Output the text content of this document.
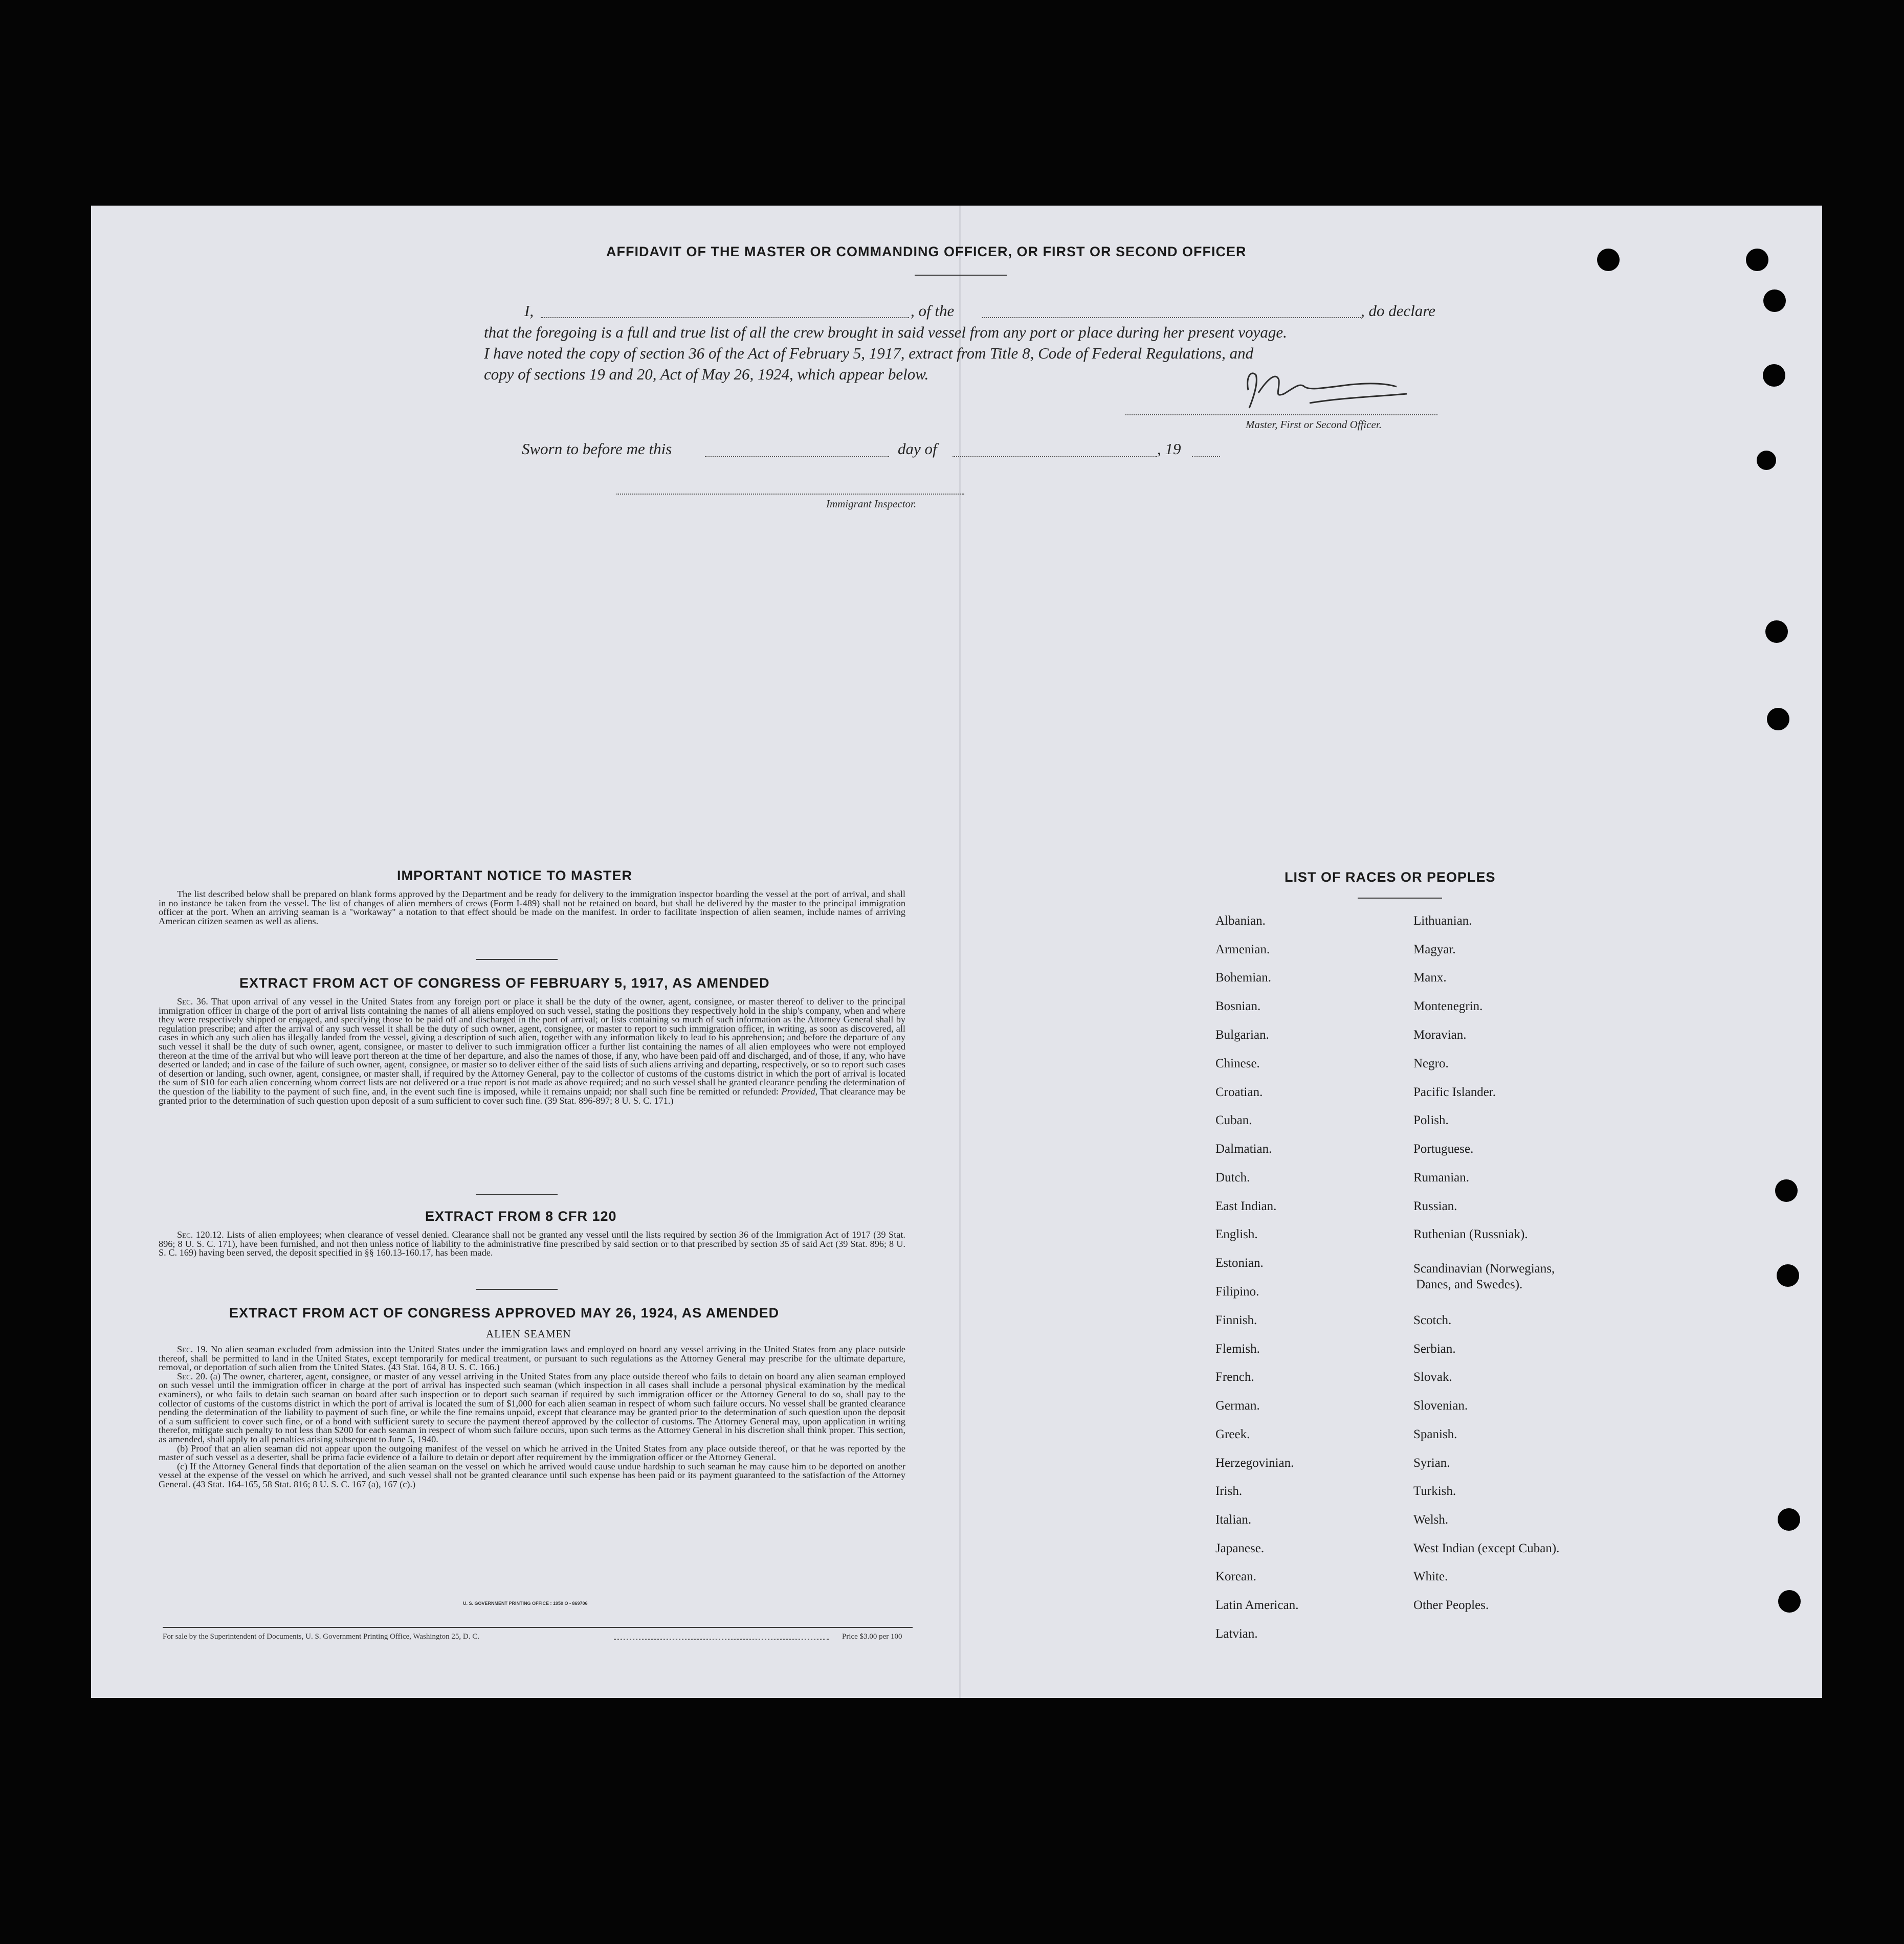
AFFIDAVIT OF THE MASTER OR COMMANDING OFFICER, OR FIRST OR SECOND OFFICER
I,	, of the	, do declare
that the foregoing is a full and true list of all the crew brought in said vessel from any port or place during her present voyage.
I have noted the copy of section 36 of the Act of February 5, 1917, extract from Title 8, Code of Federal Regulations, and
copy of sections 19 and 20, Act of May 26, 1924, which appear below.
Master, First or Second Officer.
Sworn to before me this	day of	, 19
Immigrant Inspector.
IMPORTANT NOTICE TO MASTER

The list described below shall be prepared on blank forms approved by the Department and be ready for delivery to the immigration inspector boarding the vessel at the port of arrival, and shall in no instance be taken from the vessel. The list of changes of alien members of crews (Form I-489) shall not be retained on board, but shall be delivered by the master to the principal immigration officer at the port. When an arriving seaman is a "workaway" a notation to that effect should be made on the manifest. In order to facilitate inspection of alien seamen, include names of arriving American citizen seamen as well as aliens.

EXTRACT FROM ACT OF CONGRESS OF FEBRUARY 5, 1917, AS AMENDED

Sec. 36. That upon arrival of any vessel in the United States from any foreign port or place it shall be the duty of the owner, agent, consignee, or master thereof to deliver to the principal immigration officer in charge of the port of arrival lists containing the names of all aliens employed on such vessel, stating the positions they respectively hold in the ship's company, when and where they were respectively shipped or engaged, and specifying those to be paid off and discharged in the port of arrival; or lists containing so much of such information as the Attorney General shall by regulation prescribe; and after the arrival of any such vessel it shall be the duty of such owner, agent, consignee, or master to report to such immigration officer, in writing, as soon as discovered, all cases in which any such alien has illegally landed from the vessel, giving a description of such alien, together with any information likely to lead to his apprehension; and before the departure of any such vessel it shall be the duty of such owner, agent, consignee, or master to deliver to such immigration officer a further list containing the names of all alien employees who were not employed thereon at the time of the arrival but who will leave port thereon at the time of her departure, and also the names of those, if any, who have been paid off and discharged, and of those, if any, who have deserted or landed; and in case of the failure of such owner, agent, consignee, or master so to deliver either of the said lists of such aliens arriving and departing, respectively, or so to report such cases of desertion or landing, such owner, agent, consignee, or master shall, if required by the Attorney General, pay to the collector of customs of the customs district in which the port of arrival is located the sum of $10 for each alien concerning whom correct lists are not delivered or a true report is not made as above required; and no such vessel shall be granted clearance pending the determination of the question of the liability to the payment of such fine, and, in the event such fine is imposed, while it remains unpaid; nor shall such fine be remitted or refunded: Provided, That clearance may be granted prior to the determination of such question upon deposit of a sum sufficient to cover such fine. (39 Stat. 896-897; 8 U. S. C. 171.)

EXTRACT FROM 8 CFR 120

Sec. 120.12. Lists of alien employees; when clearance of vessel denied. Clearance shall not be granted any vessel until the lists required by section 36 of the Immigration Act of 1917 (39 Stat. 896; 8 U. S. C. 171), have been furnished, and not then unless notice of liability to the administrative fine prescribed by said section or to that prescribed by section 35 of said Act (39 Stat. 896; 8 U. S. C. 169) having been served, the deposit specified in §§ 160.13-160.17, has been made.

EXTRACT FROM ACT OF CONGRESS APPROVED MAY 26, 1924, AS AMENDED
ALIEN SEAMEN

Sec. 19. No alien seaman excluded from admission into the United States under the immigration laws and employed on board any vessel arriving in the United States from any place outside thereof, shall be permitted to land in the United States, except temporarily for medical treatment, or pursuant to such regulations as the Attorney General may prescribe for the ultimate departure, removal, or deportation of such alien from the United States. (43 Stat. 164, 8 U. S. C. 166.)

Sec. 20. (a) The owner, charterer, agent, consignee, or master of any vessel arriving in the United States from any place outside thereof who fails to detain on board any alien seaman employed on such vessel until the immigration officer in charge at the port of arrival has inspected such seaman (which inspection in all cases shall include a personal physical examination by the medical examiners), or who fails to detain such seaman on board after such inspection or to deport such seaman if required by such immigration officer or the Attorney General to do so, shall pay to the collector of customs of the customs district in which the port of arrival is located the sum of $1,000 for each alien seaman in respect of whom such failure occurs. No vessel shall be granted clearance pending the determination of the liability to payment of such fine, or while the fine remains unpaid, except that clearance may be granted prior to the determination of such question upon the deposit of a sum sufficient to cover such fine, or of a bond with sufficient surety to secure the payment thereof approved by the collector of customs. The Attorney General may, upon application in writing therefor, mitigate such penalty to not less than $200 for each seaman in respect of whom such failure occurs, upon such terms as the Attorney General in his discretion shall think proper. This section, as amended, shall apply to all penalties arising subsequent to June 5, 1940.

(b) Proof that an alien seaman did not appear upon the outgoing manifest of the vessel on which he arrived in the United States from any place outside thereof, or that he was reported by the master of such vessel as a deserter, shall be prima facie evidence of a failure to detain or deport after requirement by the immigration officer or the Attorney General.

(c) If the Attorney General finds that deportation of the alien seaman on the vessel on which he arrived would cause undue hardship to such seaman he may cause him to be deported on another vessel at the expense of the vessel on which he arrived, and such vessel shall not be granted clearance until such expense has been paid or its payment guaranteed to the satisfaction of the Attorney General. (43 Stat. 164-165, 58 Stat. 816; 8 U. S. C. 167 (a), 167 (c).)

U. S. GOVERNMENT PRINTING OFFICE : 1950 O - 869706
For sale by the Superintendent of Documents, U. S. Government Printing Office, Washington 25, D. C.	Price $3.00 per 100
LIST OF RACES OR PEOPLES
Albanian.
Armenian.
Bohemian.
Bosnian.
Bulgarian.
Chinese.
Croatian.
Cuban.
Dalmatian.
Dutch.
East Indian.
English.
Estonian.
Filipino.
Finnish.
Flemish.
French.
German.
Greek.
Herzegovinian.
Irish.
Italian.
Japanese.
Korean.
Latin American.
Latvian.
Lithuanian.
Magyar.
Manx.
Montenegrin.
Moravian.
Negro.
Pacific Islander.
Polish.
Portuguese.
Rumanian.
Russian.
Ruthenian (Russniak).
Scandinavian (Norwegians,
Danes, and Swedes).
Scotch.
Serbian.
Slovak.
Slovenian.
Spanish.
Syrian.
Turkish.
Welsh.
West Indian (except Cuban).
White.
Other Peoples.
